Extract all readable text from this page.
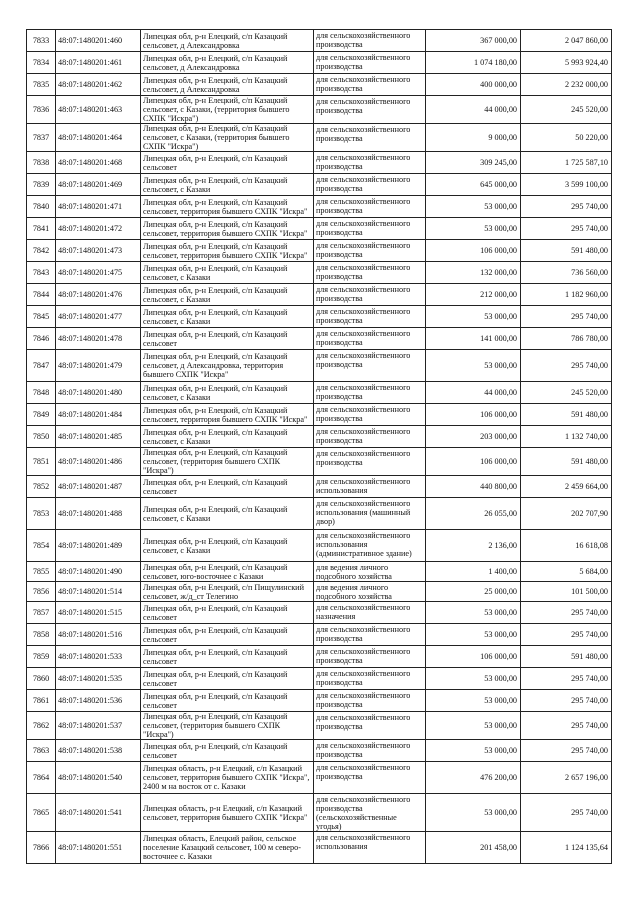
7833	48:07:1480201:460	Липецкая обл, р-н Елецкий, с/п Казацкий сельсовет, д Александровка	для сельскохозяйственного производства	367 000,00	2 047 860,00
7834	48:07:1480201:461	Липецкая обл, р-н Елецкий, с/п Казацкий сельсовет, д Александровка	для сельскохозяйственного производства	1 074 180,00	5 993 924,40
7835	48:07:1480201:462	Липецкая обл, р-н Елецкий, с/п Казацкий сельсовет, д Александровка	для сельскохозяйственного производства	400 000,00	2 232 000,00
7836	48:07:1480201:463	Липецкая обл, р-н Елецкий, с/п Казацкий сельсовет, с Казаки, (территория бывшего СХПК "Искра")	для сельскохозяйственного производства	44 000,00	245 520,00
7837	48:07:1480201:464	Липецкая обл, р-н Елецкий, с/п Казацкий сельсовет, с Казаки, (территория бывшего СХПК "Искра")	для сельскохозяйственного производства	9 000,00	50 220,00
7838	48:07:1480201:468	Липецкая обл, р-н Елецкий, с/п Казацкий сельсовет	для сельскохозяйственного производства	309 245,00	1 725 587,10
7839	48:07:1480201:469	Липецкая обл, р-н Елецкий, с/п Казацкий сельсовет, с Казаки	для сельскохозяйственного производства	645 000,00	3 599 100,00
7840	48:07:1480201:471	Липецкая обл, р-н Елецкий, с/п Казацкий сельсовет, территория бывшего СХПК "Искра"	для сельскохозяйственного производства	53 000,00	295 740,00
7841	48:07:1480201:472	Липецкая обл, р-н Елецкий, с/п Казацкий сельсовет, территория бывшего СХПК "Искра"	для сельскохозяйственного производства	53 000,00	295 740,00
7842	48:07:1480201:473	Липецкая обл, р-н Елецкий, с/п Казацкий сельсовет, территория бывшего СХПК "Искра"	для сельскохозяйственного производства	106 000,00	591 480,00
7843	48:07:1480201:475	Липецкая обл, р-н Елецкий, с/п Казацкий сельсовет, с Казаки	для сельскохозяйственного производства	132 000,00	736 560,00
7844	48:07:1480201:476	Липецкая обл, р-н Елецкий, с/п Казацкий сельсовет, с Казаки	для сельскохозяйственного производства	212 000,00	1 182 960,00
7845	48:07:1480201:477	Липецкая обл, р-н Елецкий, с/п Казацкий сельсовет, с Казаки	для сельскохозяйственного производства	53 000,00	295 740,00
7846	48:07:1480201:478	Липецкая обл, р-н Елецкий, с/п Казацкий сельсовет	для сельскохозяйственного производства	141 000,00	786 780,00
7847	48:07:1480201:479	Липецкая обл, р-н Елецкий, с/п Казацкий сельсовет, д Александровка, территория бывшего СХПК "Искра"	для сельскохозяйственного производства	53 000,00	295 740,00
7848	48:07:1480201:480	Липецкая обл, р-н Елецкий, с/п Казацкий сельсовет, с Казаки	для сельскохозяйственного производства	44 000,00	245 520,00
7849	48:07:1480201:484	Липецкая обл, р-н Елецкий, с/п Казацкий сельсовет, территория бывшего СХПК "Искра"	для сельскохозяйственного производства	106 000,00	591 480,00
7850	48:07:1480201:485	Липецкая обл, р-н Елецкий, с/п Казацкий сельсовет, с Казаки	для сельскохозяйственного производства	203 000,00	1 132 740,00
7851	48:07:1480201:486	Липецкая обл, р-н Елецкий, с/п Казацкий сельсовет, (территория бывшего СХПК "Искра")	для сельскохозяйственного производства	106 000,00	591 480,00
7852	48:07:1480201:487	Липецкая обл, р-н Елецкий, с/п Казацкий сельсовет	для сельскохозяйственного использования	440 800,00	2 459 664,00
7853	48:07:1480201:488	Липецкая обл, р-н Елецкий, с/п Казацкий сельсовет, с Казаки	для сельскохозяйственного использования (машинный двор)	26 055,00	202 707,90
7854	48:07:1480201:489	Липецкая обл, р-н Елецкий, с/п Казацкий сельсовет, с Казаки	для сельскохозяйственного использования (административное здание)	2 136,00	16 618,08
7855	48:07:1480201:490	Липецкая обл, р-н Елецкий, с/п Казацкий сельсовет, юго-восточнее с Казаки	для ведения личного подсобного хозяйства	1 400,00	5 684,00
7856	48:07:1480201:514	Липецкая обл, р-н Елецкий, с/п Пищулинский сельсовет, ж/д_ст Телегино	для ведения личного подсобного хозяйства	25 000,00	101 500,00
7857	48:07:1480201:515	Липецкая обл, р-н Елецкий, с/п Казацкий сельсовет	для сельскохозяйственного назначения	53 000,00	295 740,00
7858	48:07:1480201:516	Липецкая обл, р-н Елецкий, с/п Казацкий сельсовет	для сельскохозяйственного производства	53 000,00	295 740,00
7859	48:07:1480201:533	Липецкая обл, р-н Елецкий, с/п Казацкий сельсовет	для сельскохозяйственного производства	106 000,00	591 480,00
7860	48:07:1480201:535	Липецкая обл, р-н Елецкий, с/п Казацкий сельсовет	для сельскохозяйственного производства	53 000,00	295 740,00
7861	48:07:1480201:536	Липецкая обл, р-н Елецкий, с/п Казацкий сельсовет	для сельскохозяйственного производства	53 000,00	295 740,00
7862	48:07:1480201:537	Липецкая обл, р-н Елецкий, с/п Казацкий сельсовет, (территория бывшего СХПК "Искра")	для сельскохозяйственного производства	53 000,00	295 740,00
7863	48:07:1480201:538	Липецкая обл, р-н Елецкий, с/п Казацкий сельсовет	для сельскохозяйственного производства	53 000,00	295 740,00
7864	48:07:1480201:540	Липецкая область, р-н Елецкий, с/п Казацкий сельсовет, территория бывшего СХПК "Искра", 2400 м на восток от с. Казаки	для сельскохозяйственного производства	476 200,00	2 657 196,00
7865	48:07:1480201:541	Липецкая область, р-н Елецкий, с/п Казацкий сельсовет, территория бывшего СХПК "Искра"	для сельскохозяйственного производства (сельскохозяйственные угодья)	53 000,00	295 740,00
7866	48:07:1480201:551	Липецкая область, Елецкий район, сельское поселение Казацкий сельсовет, 100 м северо-восточнее с. Казаки	для сельскохозяйственного использования	201 458,00	1 124 135,64
